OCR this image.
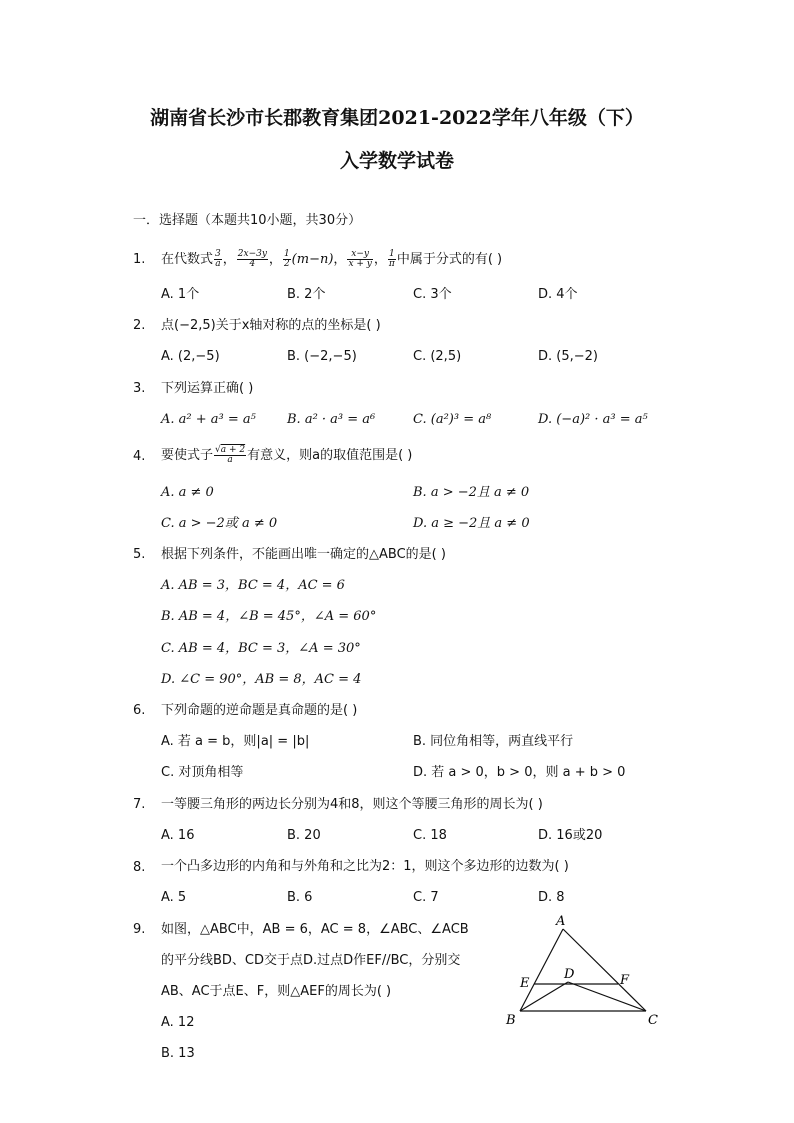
湖南省长沙市长郡教育集团2021-2022学年八年级（下）
入学数学试卷
一．选择题（本题共10小题，共30分）
1.	在代数式 $\frac{3}{a}$ ， $\frac{2x-3y}{4}$ ， $\frac{1}{2} (m-n)$， $\frac{x-y}{x + y}$ ， $\frac{1}{\pi}$ 中属于分式的有( )
A. 1个	B. 2个	C. 3个	D. 4个
2.	点(−2,5)关于x轴对称的点的坐标是( )
A. (2,−5)	B. (−2,−5)	C. (2,5)	D. (5,−2)
3.	下列运算正确( )
A. a² + a³ = a⁵ B. a² · a³ = a⁶	C. (a²)³ = a⁸	D. (−a)² · a³ = a⁵
4.	要使式子 $\frac{√a + 2}{a}$ 有意义，则a的取值范围是( )
A. a ≠ 0	B. a > −2且 a ≠ 0
C. a > −2或 a ≠ 0	D. a ≥ −2且 a ≠ 0
5.	根据下列条件，不能画出唯一确定的△ABC的是( )
A. AB = 3，BC = 4，AC = 6
B. AB = 4，∠B = 45°，∠A = 60°
C. AB = 4，BC = 3，∠A = 30°
D. ∠C = 90°，AB = 8，AC = 4
6.	下列命题的逆命题是真命题的是( )
A. 若 a = b，则|a| = |b|	B. 同位角相等，两直线平行
C. 对顶角相等	D. 若 a > 0，b > 0，则 a + b > 0
7.	一等腰三角形的两边长分别为4和8，则这个等腰三角形的周长为( )
A. 16	B. 20	C. 18	D. 16或20
8.	一个凸多边形的内角和与外角和之比为2：1，则这个多边形的边数为( )
A. 5	B. 6	C. 7	D. 8
9.	如图，△ABC中，AB = 6，AC = 8，∠ABC、∠ACB
的平分线BD、CD交于点D.过点D作EF//BC，分别交
AB、AC于点E、F，则△AEF的周长为( )
A. 12
B. 13
A
B	C
D
E	F
